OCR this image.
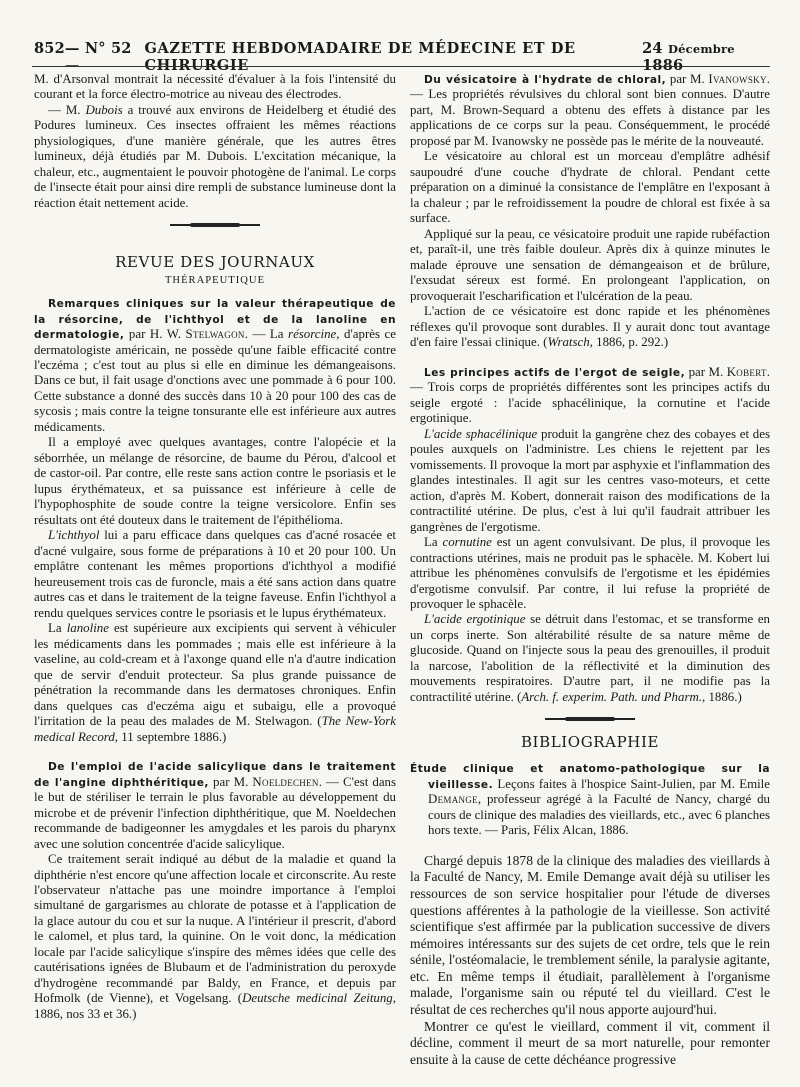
852 — N° 52 —
GAZETTE HEBDOMADAIRE DE MÉDECINE ET DE CHIRURGIE
24 Décembre 1886

M. d'Arsonval montrait la nécessité d'évaluer à la fois l'intensité du courant et la force électro-motrice au niveau des électrodes.

— M. Dubois a trouvé aux environs de Heidelberg et étudié des Podures lumineux. Ces insectes offraient les mêmes réactions physiologiques, d'une manière générale, que les autres êtres lumineux, déjà étudiés par M. Dubois. L'excitation mécanique, la chaleur, etc., augmentaient le pouvoir photogène de l'animal. Le corps de l'insecte était pour ainsi dire rempli de substance lumineuse dont la réaction était nettement acide.

REVUE DES JOURNAUX
THÉRAPEUTIQUE

Remarques cliniques sur la valeur thérapeutique de la résorcine, de l'ichthyol et de la lanoline en dermatologie, par H. W. Stelwagon. — La résorcine, d'après ce dermatologiste américain, ne possède qu'une faible efficacité contre l'eczéma ; c'est tout au plus si elle en diminue les démangeaisons. Dans ce but, il fait usage d'onctions avec une pommade à 6 pour 100. Cette substance a donné des succès dans 10 à 20 pour 100 des cas de sycosis ; mais contre la teigne tonsurante elle est inférieure aux autres médicaments.

Il a employé avec quelques avantages, contre l'alopécie et la séborrhée, un mélange de résorcine, de baume du Pérou, d'alcool et de castor-oil. Par contre, elle reste sans action contre le psoriasis et le lupus érythémateux, et sa puissance est inférieure à celle de l'hypophosphite de soude contre la teigne versicolore. Enfin ses résultats ont été douteux dans le traitement de l'épithélioma.

L'ichthyol lui a paru efficace dans quelques cas d'acné rosacée et d'acné vulgaire, sous forme de préparations à 10 et 20 pour 100. Un emplâtre contenant les mêmes proportions d'ichthyol a modifié heureusement trois cas de furoncle, mais a été sans action dans quatre autres cas et dans le traitement de la teigne faveuse. Enfin l'ichthyol a rendu quelques services contre le psoriasis et le lupus érythémateux.

La lanoline est supérieure aux excipients qui servent à véhiculer les médicaments dans les pommades ; mais elle est inférieure à la vaseline, au cold-cream et à l'axonge quand elle n'a d'autre indication que de servir d'enduit protecteur. Sa plus grande puissance de pénétration la recommande dans les dermatoses chroniques. Enfin dans quelques cas d'eczéma aigu et subaigu, elle a provoqué l'irritation de la peau des malades de M. Stelwagon. (The New-York medical Record, 11 septembre 1886.)

De l'emploi de l'acide salicylique dans le traitement de l'angine diphthéritique, par M. Noeldechen. — C'est dans le but de stériliser le terrain le plus favorable au développement du microbe et de prévenir l'infection diphthéritique, que M. Noeldechen recommande de badigeonner les amygdales et les parois du pharynx avec une solution concentrée d'acide salicylique.

Ce traitement serait indiqué au début de la maladie et quand la diphthérie n'est encore qu'une affection locale et circonscrite. Au reste l'observateur n'attache pas une moindre importance à l'emploi simultané de gargarismes au chlorate de potasse et à l'application de la glace autour du cou et sur la nuque. A l'intérieur il prescrit, d'abord le calomel, et plus tard, la quinine. On le voit donc, la médication locale par l'acide salicylique s'inspire des mêmes idées que celle des cautérisations ignées de Blubaum et de l'administration du peroxyde d'hydrogène recommandé par Baldy, en France, et depuis par Hofmolk (de Vienne), et Vogelsang. (Deutsche medicinal Zeitung, 1886, nos 33 et 36.)

Du vésicatoire à l'hydrate de chloral, par M. Ivanowsky. — Les propriétés révulsives du chloral sont bien connues. D'autre part, M. Brown-Sequard a obtenu des effets à distance par les applications de ce corps sur la peau. Conséquemment, le procédé proposé par M. Ivanowsky ne possède pas le mérite de la nouveauté.

Le vésicatoire au chloral est un morceau d'emplâtre adhésif saupoudré d'une couche d'hydrate de chloral. Pendant cette préparation on a diminué la consistance de l'emplâtre en l'exposant à la chaleur ; par le refroidissement la poudre de chloral est fixée à sa surface.

Appliqué sur la peau, ce vésicatoire produit une rapide rubéfaction et, paraît-il, une très faible douleur. Après dix à quinze minutes le malade éprouve une sensation de démangeaison et de brûlure, l'exsudat séreux est formé. En prolongeant l'application, on provoquerait l'escharification et l'ulcération de la peau.

L'action de ce vésicatoire est donc rapide et les phénomènes réflexes qu'il provoque sont durables. Il y aurait donc tout avantage d'en faire l'essai clinique. (Wratsch, 1886, p. 292.)

Les principes actifs de l'ergot de seigle, par M. Kobert.— Trois corps de propriétés différentes sont les principes actifs du seigle ergoté : l'acide sphacélinique, la cornutine et l'acide ergotinique.

L'acide sphacélinique produit la gangrène chez des cobayes et des poules auxquels on l'administre. Les chiens le rejettent par les vomissements. Il provoque la mort par asphyxie et l'inflammation des glandes intestinales. Il agit sur les centres vaso-moteurs, et cette action, d'après M. Kobert, donnerait raison des modifications de la contractilité utérine. De plus, c'est à lui qu'il faudrait attribuer les gangrènes de l'ergotisme.

La cornutine est un agent convulsivant. De plus, il provoque les contractions utérines, mais ne produit pas le sphacèle. M. Kobert lui attribue les phénomènes convulsifs de l'ergotisme et les épidémies d'ergotisme convulsif. Par contre, il lui refuse la propriété de provoquer le sphacèle.

L'acide ergotinique se détruit dans l'estomac, et se transforme en un corps inerte. Son altérabilité résulte de sa nature même de glucoside. Quand on l'injecte sous la peau des grenouilles, il produit la narcose, l'abolition de la réflectivité et la diminution des mouvements respiratoires. D'autre part, il ne modifie pas la contractilité utérine. (Arch. f. experim. Path. und Pharm., 1886.)

BIBLIOGRAPHIE

Étude clinique et anatomo-pathologique sur la vieillesse. Leçons faites à l'hospice Saint-Julien, par M. Emile Demange, professeur agrégé à la Faculté de Nancy, chargé du cours de clinique des maladies des vieillards, etc., avec 6 planches hors texte. — Paris, Félix Alcan, 1886.

Chargé depuis 1878 de la clinique des maladies des vieillards à la Faculté de Nancy, M. Emile Demange avait déjà su utiliser les ressources de son service hospitalier pour l'étude de diverses questions afférentes à la pathologie de la vieillesse. Son activité scientifique s'est affirmée par la publication successive de divers mémoires intéressants sur des sujets de cet ordre, tels que le rein sénile, l'ostéomalacie, le tremblement sénile, la paralysie agitante, etc. En même temps il étudiait, parallèlement à l'organisme malade, l'organisme sain ou réputé tel du vieillard. C'est le résultat de ces recherches qu'il nous apporte aujourd'hui.

Montrer ce qu'est le vieillard, comment il vit, comment il décline, comment il meurt de sa mort naturelle, pour remonter ensuite à la cause de cette déchéance progressive
